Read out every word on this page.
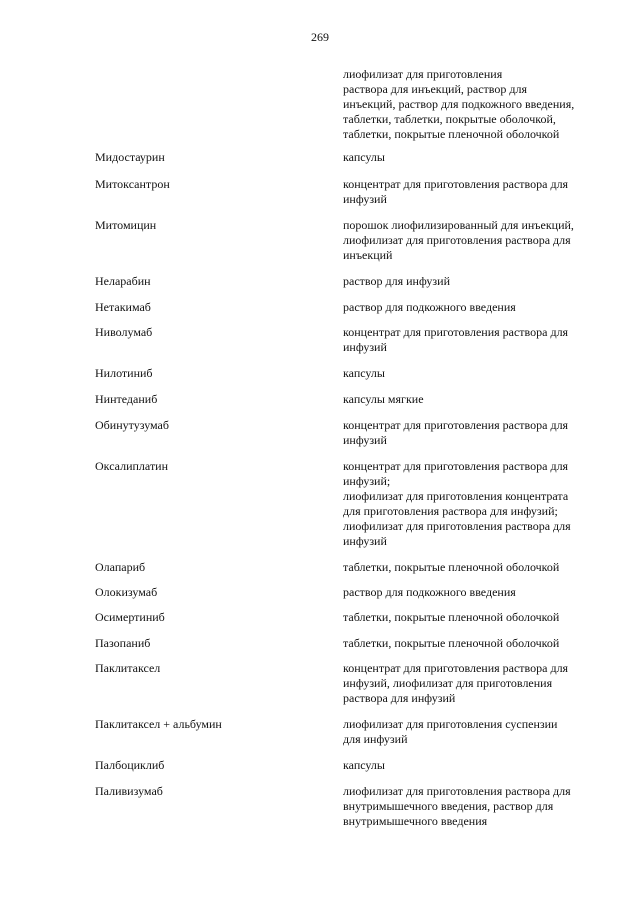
269
лиофилизат для приготовления
раствора для инъекций, раствор для
инъекций, раствор для подкожного введения,
таблетки, таблетки, покрытые оболочкой,
таблетки, покрытые пленочной оболочкой
Мидостаурин	капсулы
Митоксантрон	концентрат для приготовления раствора для
инфузий
Митомицин	порошок лиофилизированный для инъекций,
лиофилизат для приготовления раствора для
инъекций
Неларабин	раствор для инфузий
Нетакимаб	раствор для подкожного введения
Ниволумаб	концентрат для приготовления раствора для
инфузий
Нилотиниб	капсулы
Нинтеданиб	капсулы мягкие
Обинутузумаб	концентрат для приготовления раствора для
инфузий
Оксалиплатин	концентрат для приготовления раствора для
инфузий;
лиофилизат для приготовления концентрата
для приготовления раствора для инфузий;
лиофилизат для приготовления раствора для
инфузий
Олапариб	таблетки, покрытые пленочной оболочкой
Олокизумаб	раствор для подкожного введения
Осимертиниб	таблетки, покрытые пленочной оболочкой
Пазопаниб	таблетки, покрытые пленочной оболочкой
Паклитаксел	концентрат для приготовления раствора для
инфузий, лиофилизат для приготовления
раствора для инфузий
Паклитаксел + альбумин	лиофилизат для приготовления суспензии
для инфузий
Палбоциклиб	капсулы
Паливизумаб	лиофилизат для приготовления раствора для
внутримышечного введения, раствор для
внутримышечного введения
